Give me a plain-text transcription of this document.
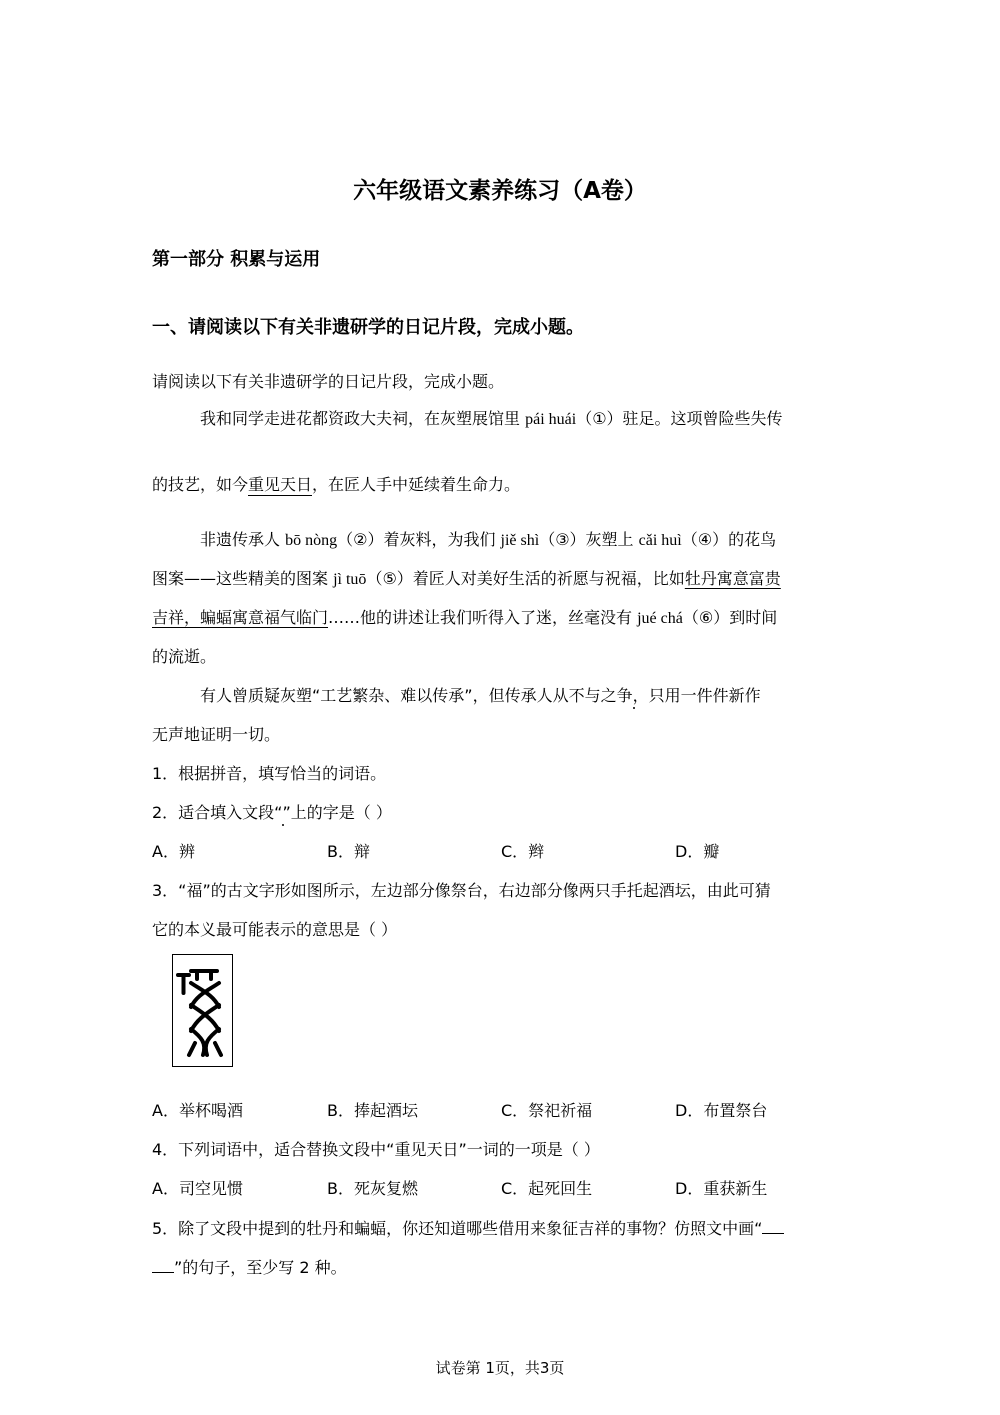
六年级语文素养练习（A卷）
第一部分 积累与运用
一、请阅读以下有关非遗研学的日记片段，完成小题。
请阅读以下有关非遗研学的日记片段，完成小题。
我和同学走进花都资政大夫祠，在灰塑展馆里 pái huái（①）驻足。这项曾险些失传
的技艺，如今重见天日，在匠人手中延续着生命力。
非遗传承人 bō nòng（②）着灰料，为我们 jiě shì（③）灰塑上 cǎi huì（④）的花鸟
图案——这些精美的图案 jì tuō（⑤）着匠人对美好生活的祈愿与祝福，比如牡丹寓意富贵
吉祥，蝙蝠寓意福气临门……他的讲述让我们听得入了迷，丝毫没有 jué chá（⑥）到时间
的流逝。
有人曾质疑灰塑“工艺繁杂、难以传承”，但传承人从不与之争，只用一件件新作
无声地证明一切。
1．根据拼音，填写恰当的词语。
2．适合填入文段“”上的字是（ ）
A．辨	B．辩	C．辫	D．瓣
3．“福”的古文字形如图所示，左边部分像祭台，右边部分像两只手托起酒坛，由此可猜
它的本义最可能表示的意思是（ ）
A．举杯喝酒	B．捧起酒坛	C．祭祀祈福	D．布置祭台
4．下列词语中，适合替换文段中“重见天日”一词的一项是（ ）
A．司空见惯	B．死灰复燃	C．起死回生	D．重获新生
5．除了文段中提到的牡丹和蝙蝠，你还知道哪些借用来象征吉祥的事物？仿照文中画“
”的句子，至少写 2 种。
试卷第 1页，共3页
